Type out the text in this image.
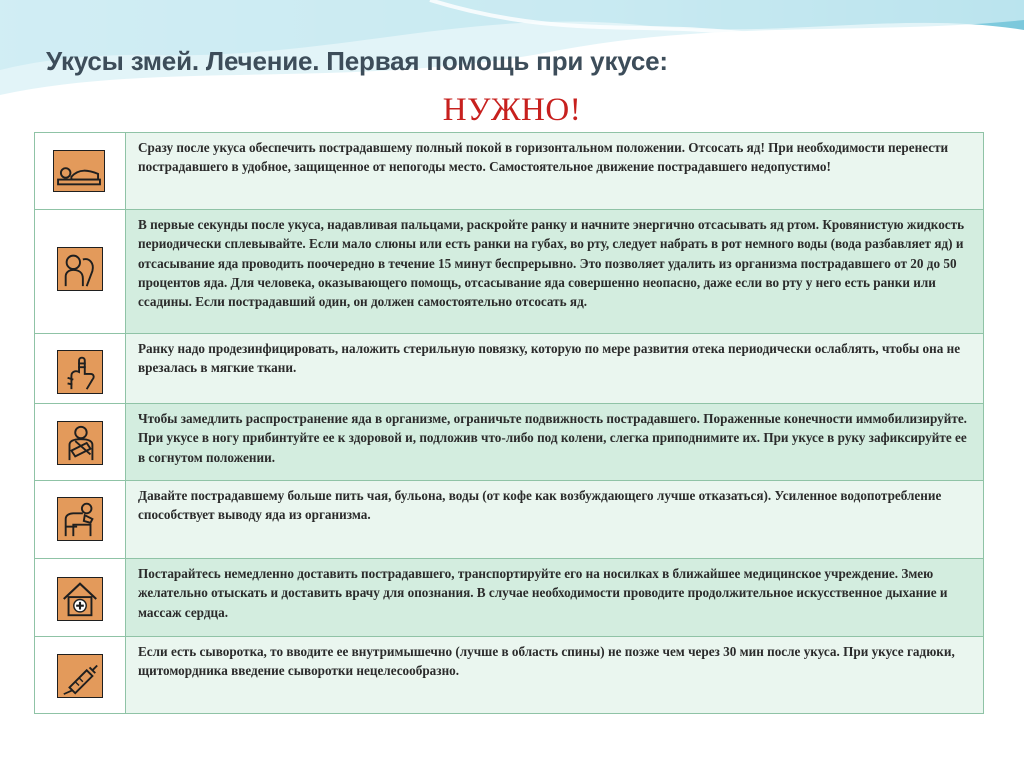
Укусы змей. Лечение. Первая помощь при укусе:
НУЖНО!
	Сразу после укуса обеспечить пострадавшему полный покой в горизонтальном положении. Отсосать яд! При необходимости перенести пострадавшего в удобное, защищенное от непогоды место. Самостоятельное движение пострадавшего недопустимо!

	В первые секунды после укуса, надавливая пальцами, раскройте ранку и начните энергично отсасывать яд ртом. Кровянистую жидкость периодически сплевывайте. Если мало слюны или есть ранки на губах, во рту, следует набрать в рот немного воды (вода разбавляет яд) и отсасывание яда проводить поочередно в течение 15 минут беспрерывно. Это позволяет удалить из организма пострадавшего от 20 до 50 процентов яда. Для человека, оказывающего помощь, отсасывание яда совершенно неопасно, даже если во рту у него есть ранки или ссадины. Если пострадавший один, он должен самостоятельно отсосать яд.

	Ранку надо продезинфицировать, наложить стерильную повязку, которую по мере развития отека периодически ослаблять, чтобы она не врезалась в мягкие ткани.

	Чтобы замедлить распространение яда в организме, ограничьте подвижность пострадавшего. Пораженные конечности иммобилизируйте. При укусе в ногу прибинтуйте ее к здоровой и, подложив что-либо под колени, слегка приподнимите их. При укусе в руку зафиксируйте ее в согнутом положении.

	Давайте пострадавшему больше пить чая, бульона, воды (от кофе как возбуждающего лучше отказаться). Усиленное водопотребление способствует выводу яда из организма.

	Постарайтесь немедленно доставить пострадавшего, транспортируйте его на носилках в ближайшее медицинское учреждение. Змею желательно отыскать и доставить врачу для опознания. В случае необходимости проводите продолжительное искусственное дыхание и массаж сердца.

	Если есть сыворотка, то вводите ее внутримышечно (лучше в область спины) не позже чем через 30 мин после укуса. При укусе гадюки, щитомордника введение сыворотки нецелесообразно.
